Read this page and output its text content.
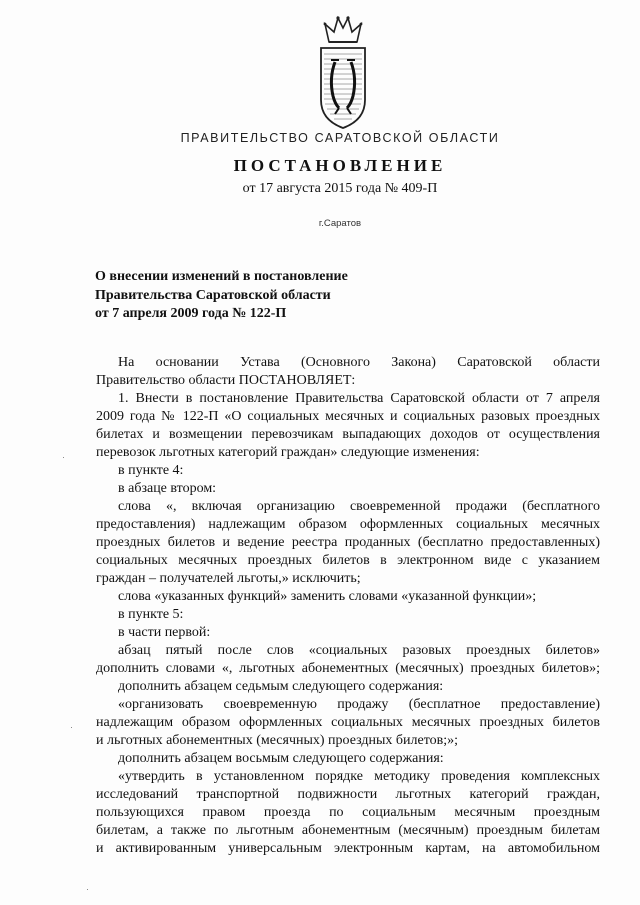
ПРАВИТЕЛЬСТВО САРАТОВСКОЙ ОБЛАСТИ
ПОСТАНОВЛЕНИЕ
от 17 августа 2015 года № 409-П
г.Саратов
О внесении изменений в постановление
Правительства Саратовской области
от 7 апреля 2009 года № 122-П

На основании Устава (Основного Закона) Саратовской области

Правительство области ПОСТАНОВЛЯЕТ:

1. Внести в постановление Правительства Саратовской области от 7 апреля

2009 года № 122-П «О социальных месячных и социальных разовых проездных

билетах и возмещении перевозчикам выпадающих доходов от осуществления

перевозок льготных категорий граждан» следующие изменения:

в пункте 4:

в абзаце втором:

слова «, включая организацию своевременной продажи (бесплатного

предоставления) надлежащим образом оформленных социальных месячных

проездных билетов и ведение реестра проданных (бесплатно предоставленных)

социальных месячных проездных билетов в электронном виде с указанием

граждан – получателей льготы,» исключить;

слова «указанных функций» заменить словами «указанной функции»;

в пункте 5:

в части первой:

абзац пятый после слов «социальных разовых проездных билетов»

дополнить словами «, льготных абонементных (месячных) проездных билетов»;

дополнить абзацем седьмым следующего содержания:

«организовать своевременную продажу (бесплатное предоставление)

надлежащим образом оформленных социальных месячных проездных билетов

и льготных абонементных (месячных) проездных билетов;»;

дополнить абзацем восьмым следующего содержания:

«утвердить в установленном порядке методику проведения комплексных

исследований транспортной подвижности льготных категорий граждан,

пользующихся правом проезда по социальным месячным проездным

билетам, а также по льготным абонементным (месячным) проездным билетам

и активированным универсальным электронным картам, на автомобильном

·
·
·
